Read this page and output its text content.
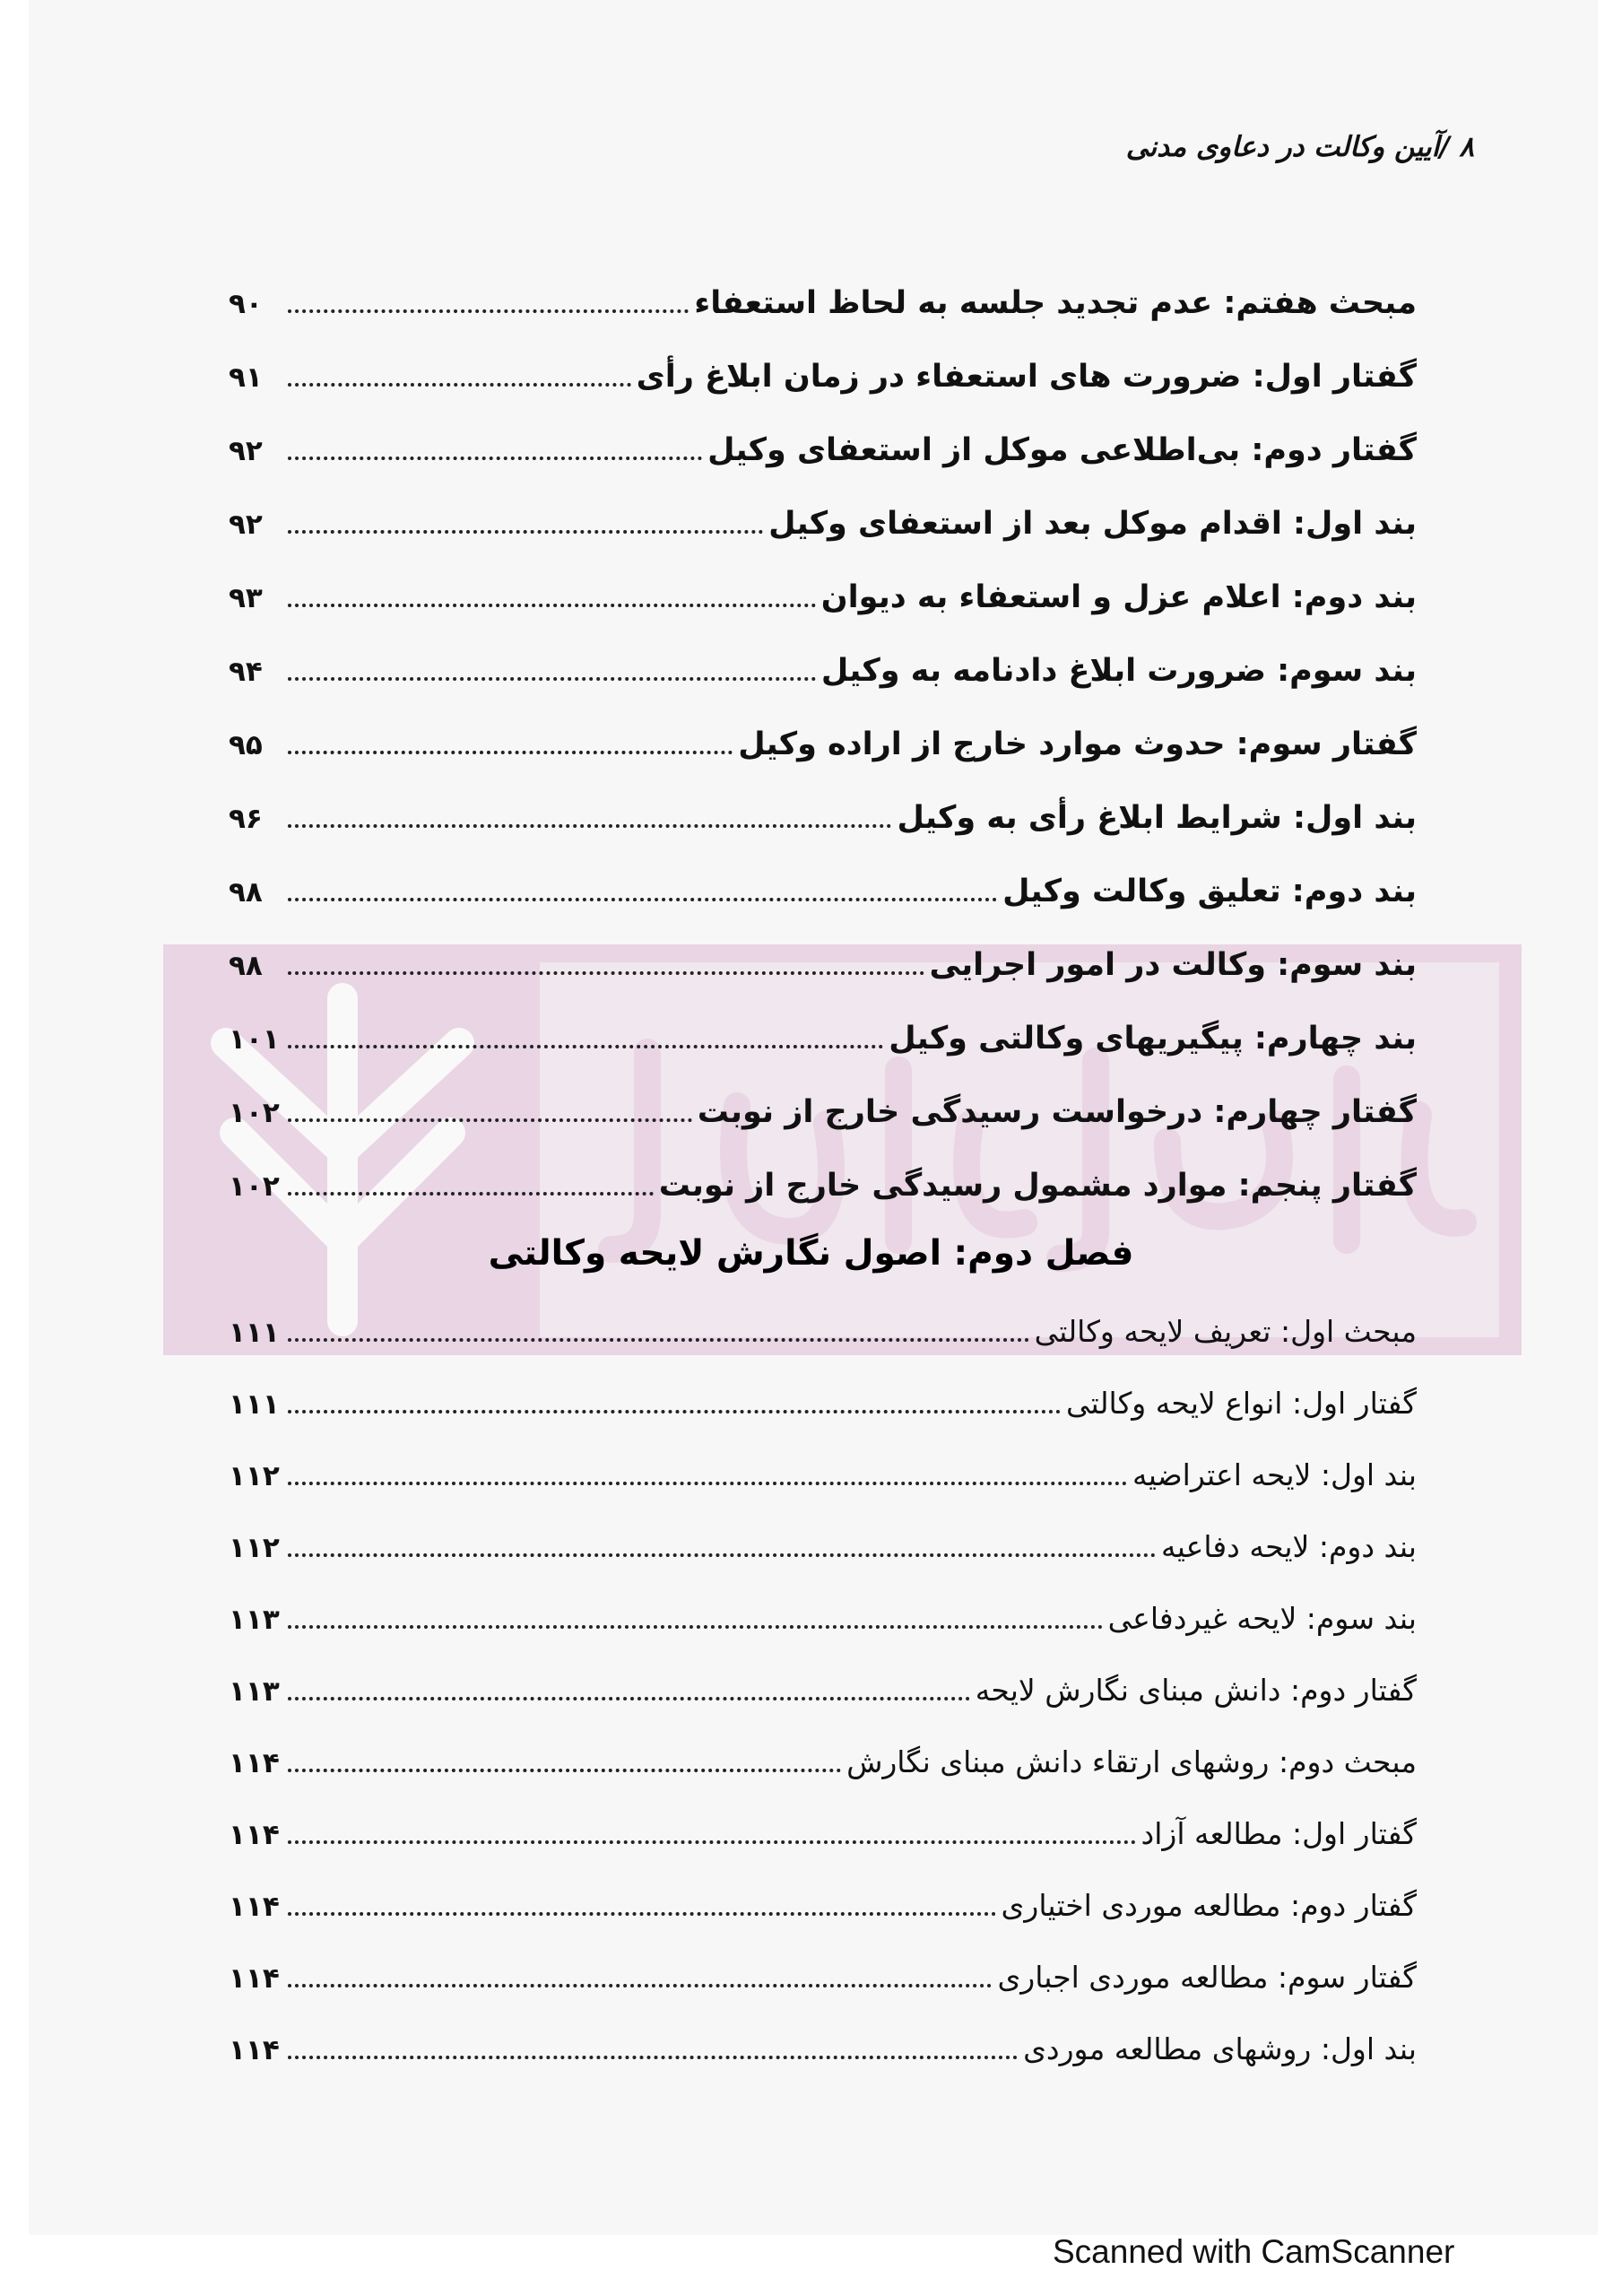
۸ /آیین وکالت در دعاوی مدنی
فصل دوم: اصول نگارش لایحه وکالتی
مبحث هفتم: عدم تجدید جلسه به لحاظ استعفاء
۹۰
گفتار اول: ضرورت های استعفاء در زمان ابلاغ رأی
۹۱
گفتار دوم: بی‌اطلاعی موکل از استعفای وکیل
۹۲
بند اول: اقدام موکل بعد از استعفای وکیل
۹۲
بند دوم: اعلام عزل و استعفاء به دیوان
۹۳
بند سوم: ضرورت ابلاغ دادنامه به وکیل
۹۴
گفتار سوم: حدوث موارد خارج از اراده وکیل
۹۵
بند اول: شرایط ابلاغ رأی به وکیل
۹۶
بند دوم: تعلیق وکالت وکیل
۹۸
بند سوم: وکالت در امور اجرایی
۹۸
بند چهارم: پیگیریهای وکالتی وکیل
۱۰۱
گفتار چهارم: درخواست رسیدگی خارج از نوبت
۱۰۲
گفتار پنجم: موارد مشمول رسیدگی خارج از نوبت
۱۰۲
مبحث اول: تعریف لایحه وکالتی
۱۱۱
گفتار اول: انواع لایحه وکالتی
۱۱۱
بند اول: لایحه اعتراضیه
۱۱۲
بند دوم: لایحه دفاعیه
۱۱۲
بند سوم: لایحه غیردفاعی
۱۱۳
گفتار دوم: دانش مبنای نگارش لایحه
۱۱۳
مبحث دوم: روشهای ارتقاء دانش مبنای نگارش
۱۱۴
گفتار اول: مطالعه آزاد
۱۱۴
گفتار دوم: مطالعه موردی اختیاری
۱۱۴
گفتار سوم: مطالعه موردی اجباری
۱۱۴
بند اول: روشهای مطالعه موردی
۱۱۴
Scanned with CamScanner
